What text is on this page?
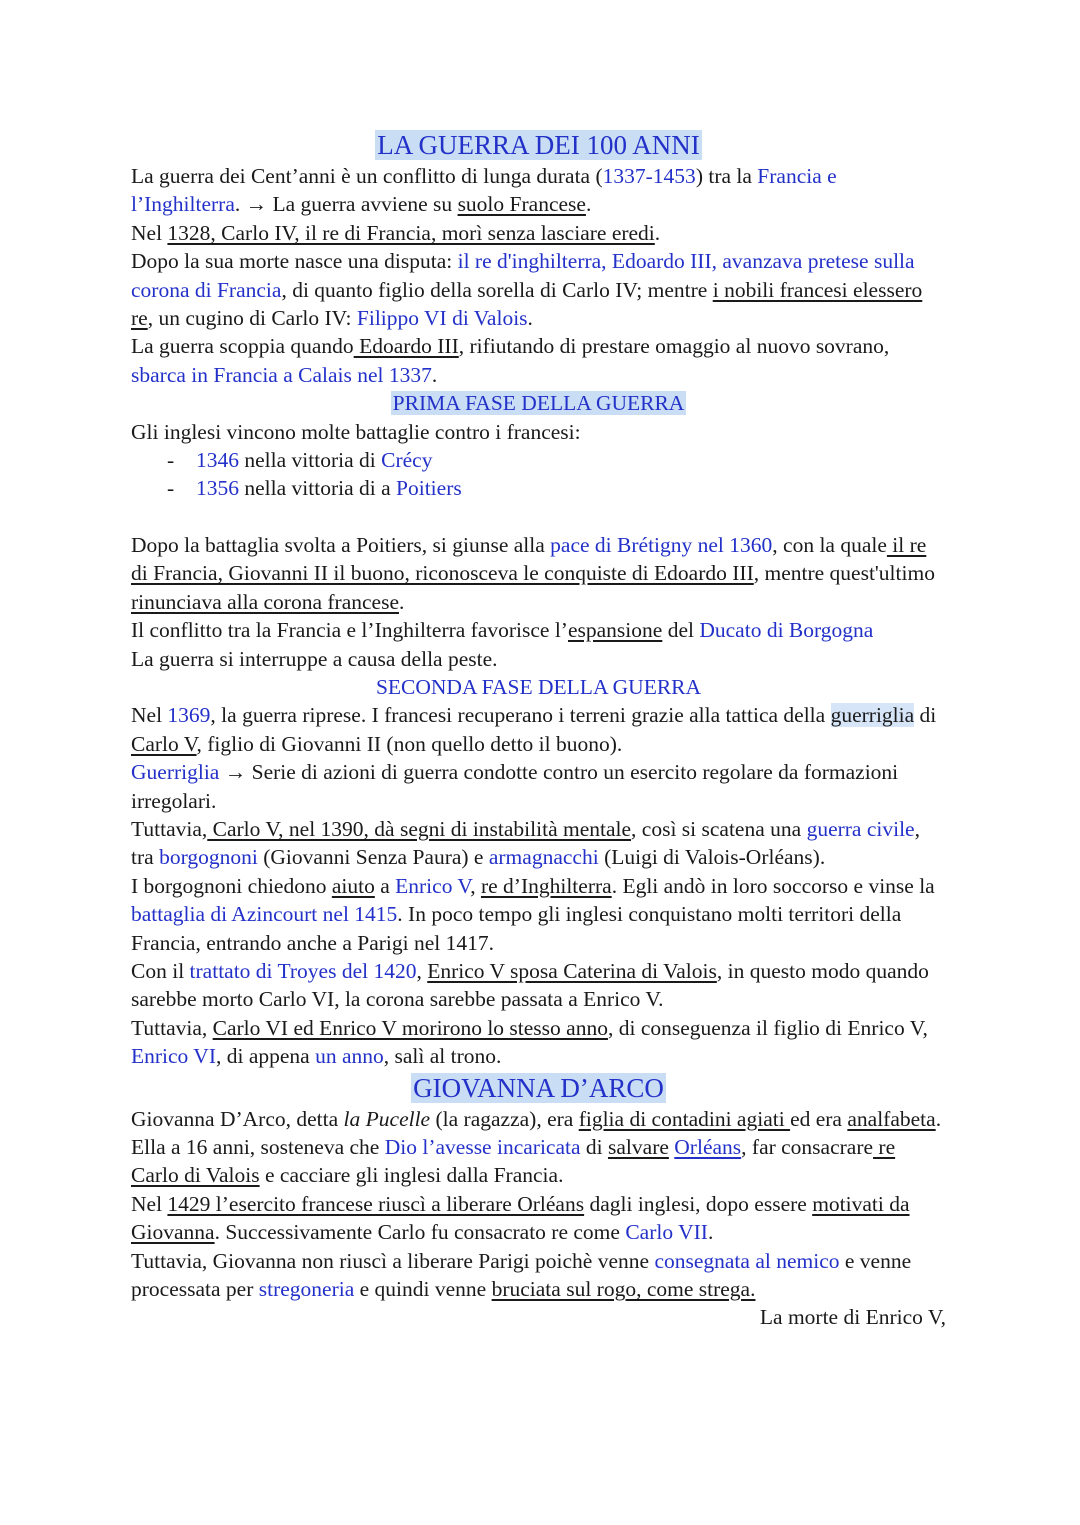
LA GUERRA DEI 100 ANNI

La guerra dei Cent’anni è un conflitto di lunga durata (1337-1453) tra la Francia e l’Inghilterra. → La guerra avviene su suolo Francese.

Nel 1328, Carlo IV, il re di Francia, morì senza lasciare eredi.

Dopo la sua morte nasce una disputa: il re d'inghilterra, Edoardo III, avanzava pretese sulla corona di Francia, di quanto figlio della sorella di Carlo IV; mentre i nobili francesi elessero re, un cugino di Carlo IV: Filippo VI di Valois.

La guerra scoppia quando Edoardo III, rifiutando di prestare omaggio al nuovo sovrano, sbarca in Francia a Calais nel 1337.

PRIMA FASE DELLA GUERRA

Gli inglesi vincono molte battaglie contro i francesi:

- 1346 nella vittoria di Crécy
- 1356 nella vittoria di a Poitiers

Dopo la battaglia svolta a Poitiers, si giunse alla pace di Brétigny nel 1360, con la quale il re di Francia, Giovanni II il buono, riconosceva le conquiste di Edoardo III, mentre quest'ultimo rinunciava alla corona francese.

Il conflitto tra la Francia e l’Inghilterra favorisce l’espansione del Ducato di Borgogna

La guerra si interruppe a causa della peste.

SECONDA FASE DELLA GUERRA

Nel 1369, la guerra riprese. I francesi recuperano i terreni grazie alla tattica della guerriglia di Carlo V, figlio di Giovanni II (non quello detto il buono).

Guerriglia → Serie di azioni di guerra condotte contro un esercito regolare da formazioni irregolari.

Tuttavia, Carlo V, nel 1390, dà segni di instabilità mentale, così si scatena una guerra civile, tra borgognoni (Giovanni Senza Paura) e armagnacchi (Luigi di Valois-Orléans).

I borgognoni chiedono aiuto a Enrico V, re d’Inghilterra. Egli andò in loro soccorso e vinse la battaglia di Azincourt nel 1415. In poco tempo gli inglesi conquistano molti territori della Francia, entrando anche a Parigi nel 1417.

Con il trattato di Troyes del 1420, Enrico V sposa Caterina di Valois, in questo modo quando sarebbe morto Carlo VI, la corona sarebbe passata a Enrico V.

Tuttavia, Carlo VI ed Enrico V morirono lo stesso anno, di conseguenza il figlio di Enrico V, Enrico VI, di appena un anno, salì al trono.

GIOVANNA D’ARCO

Giovanna D’Arco, detta la Pucelle (la ragazza), era figlia di contadini agiati ed era analfabeta. Ella a 16 anni, sosteneva che Dio l’avesse incaricata di salvare Orléans, far consacrare re Carlo di Valois e cacciare gli inglesi dalla Francia.

Nel 1429 l’esercito francese riuscì a liberare Orléans dagli inglesi, dopo essere motivati da Giovanna. Successivamente Carlo fu consacrato re come Carlo VII.

Tuttavia, Giovanna non riuscì a liberare Parigi poichè venne consegnata al nemico e venne processata per stregoneria e quindi venne bruciata sul rogo, come strega.

La morte di Enrico V,
